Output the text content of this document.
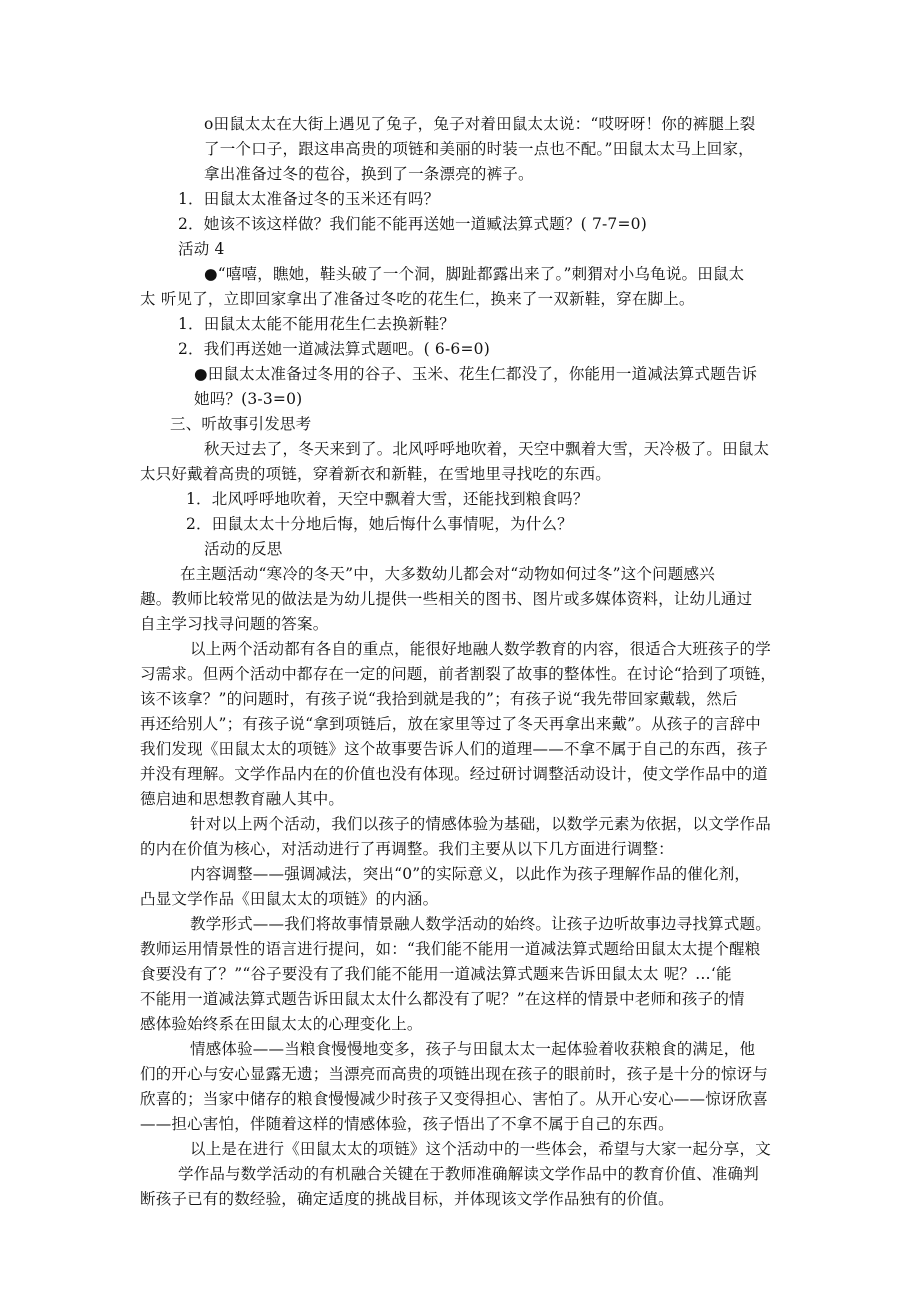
o田鼠太太在大街上遇见了兔子，兔子对着田鼠太太说：“哎呀呀！你的裤腿上裂
了一个口子，跟这串高贵的项链和美丽的时装一点也不配。”田鼠太太马上回家，
拿出准备过冬的苞谷，换到了一条漂亮的裤子。
1．田鼠太太准备过冬的玉米还有吗？
2．她该不该这样做？我们能不能再送她一道臧法算式题？( 7-7=0)
活动 4
●“嘻嘻，瞧她，鞋头破了一个洞，脚趾都露出来了。”刺猬对小乌龟说。田鼠太
太 听见了，立即回家拿出了准备过冬吃的花生仁，换来了一双新鞋，穿在脚上。
1．田鼠太太能不能用花生仁去换新鞋？
2．我们再送她一道减法算式题吧。( 6-6=0)
●田鼠太太准备过冬用的谷子、玉米、花生仁都没了，你能用一道减法算式题告诉
她吗？(3-3=0)
三、听故事引发思考
秋天过去了，冬天来到了。北风呼呼地吹着，天空中飘着大雪，天冷极了。田鼠太
太只好戴着高贵的项链，穿着新衣和新鞋，在雪地里寻找吃的东西。
1．北风呼呼地吹着，天空中飘着大雪，还能找到粮食吗？
2．田鼠太太十分地后悔，她后悔什么事情呢，为什么？
活动的反思
在主题活动“寒冷的冬天”中，大多数幼儿都会对“动物如何过冬”这个问题感兴
趣。教师比较常见的做法是为幼儿提供一些相关的图书、图片或多媒体资料，让幼儿通过
自主学习找寻问题的答案。
以上两个活动都有各自的重点，能很好地融人数学教育的内容，很适合大班孩子的学
习需求。但两个活动中都存在一定的问题，前者割裂了故事的整体性。在讨论“拾到了项链，
该不该拿？”的问题时，有孩子说“我拾到就是我的”；有孩子说“我先带回家戴载，然后
再还给别人”；有孩子说“拿到项链后，放在家里等过了冬天再拿出来戴”。从孩子的言辞中
我们发现《田鼠太太的项链》这个故事要告诉人们的道理——不拿不属于自己的东西，孩子
并没有理解。文学作品内在的价值也没有体现。经过研讨调整活动设计，使文学作品中的道
德启迪和思想教育融人其中。
针对以上两个活动，我们以孩子的情感体验为基础，以数学元素为依据，以文学作品
的内在价值为核心，对活动进行了再调整。我们主要从以下几方面进行调整：
内容调整——强调减法，突出“0”的实际意义，以此作为孩子理解作品的催化剂，
凸显文学作品《田鼠太太的项链》的内涵。
教学形式——我们将故事情景融人数学活动的始终。让孩子边听故事边寻找算式题。
教师运用情景性的语言进行提问，如：“我们能不能用一道减法算式题给田鼠太太提个醒粮
食要没有了？”“谷子要没有了我们能不能用一道减法算式题来告诉田鼠太太 呢？…‘能
不能用一道减法算式题告诉田鼠太太什么都没有了呢？”在这样的情景中老师和孩子的情
感体验始终系在田鼠太太的心理变化上。
情感体验——当粮食慢慢地变多，孩子与田鼠太太一起体验着收获粮食的满足，他
们的开心与安心显露无遗；当漂亮而高贵的项链出现在孩子的眼前时，孩子是十分的惊讶与
欣喜的；当家中储存的粮食慢慢减少时孩子又变得担心、害怕了。从开心安心——惊讶欣喜
——担心害怕，伴随着这样的情感体验，孩子悟出了不拿不属于自己的东西。
以上是在进行《田鼠太太的项链》这个活动中的一些体会，希望与大家一起分享，文
学作品与数学活动的有机融合关键在于教师准确解读文学作品中的教育价值、准确判
断孩子已有的数经验，确定适度的挑战目标，并体现该文学作品独有的价值。
